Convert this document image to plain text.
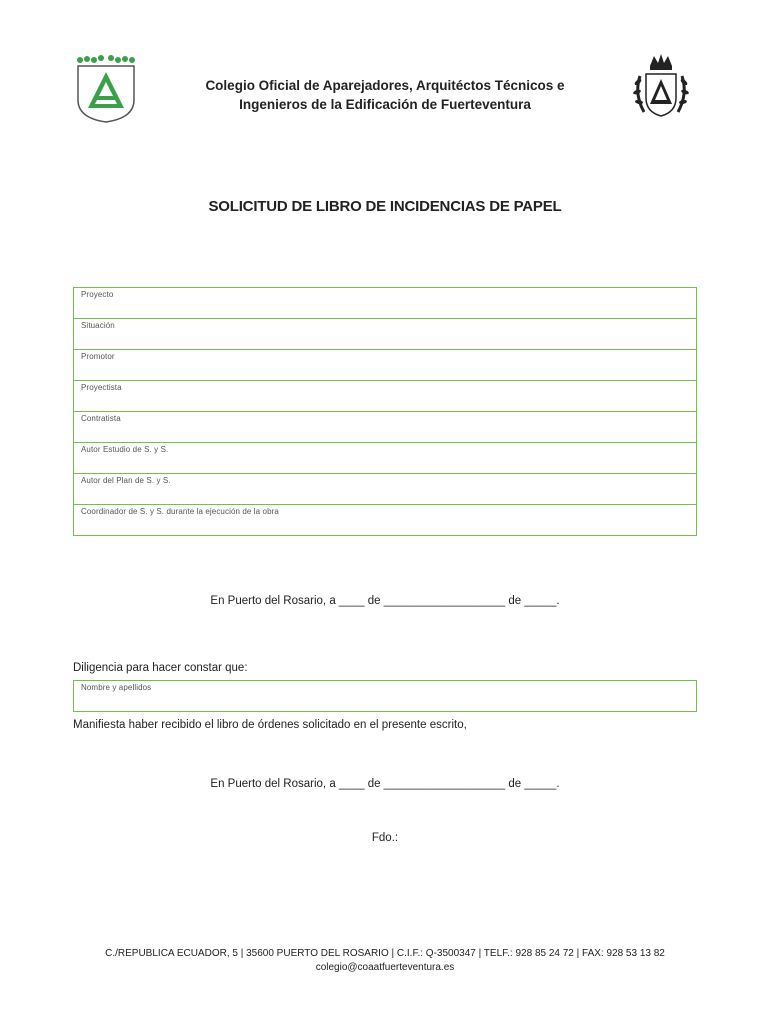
Colegio Oficial de Aparejadores, Arquitéctos Técnicos e
Ingenieros de la Edificación de Fuerteventura
SOLICITUD DE LIBRO DE INCIDENCIAS DE PAPEL
Proyecto
Situación
Promotor
Proyectista
Contratista
Autor Estudio de S. y S.
Autor del Plan de S. y S.
Coordinador de S. y S. durante la ejecución de la obra
En Puerto del Rosario, a ____ de ___________________ de _____.
Diligencia para hacer constar que:
Nombre y apellidos
Manifiesta haber recibido el libro de órdenes solicitado en el presente escrito,
En Puerto del Rosario, a ____ de ___________________ de _____.
Fdo.:
C./REPUBLICA ECUADOR, 5 | 35600 PUERTO DEL ROSARIO | C.I.F.: Q-3500347 | TELF.: 928 85 24 72 | FAX: 928 53 13 82
colegio@coaatfuerteventura.es
